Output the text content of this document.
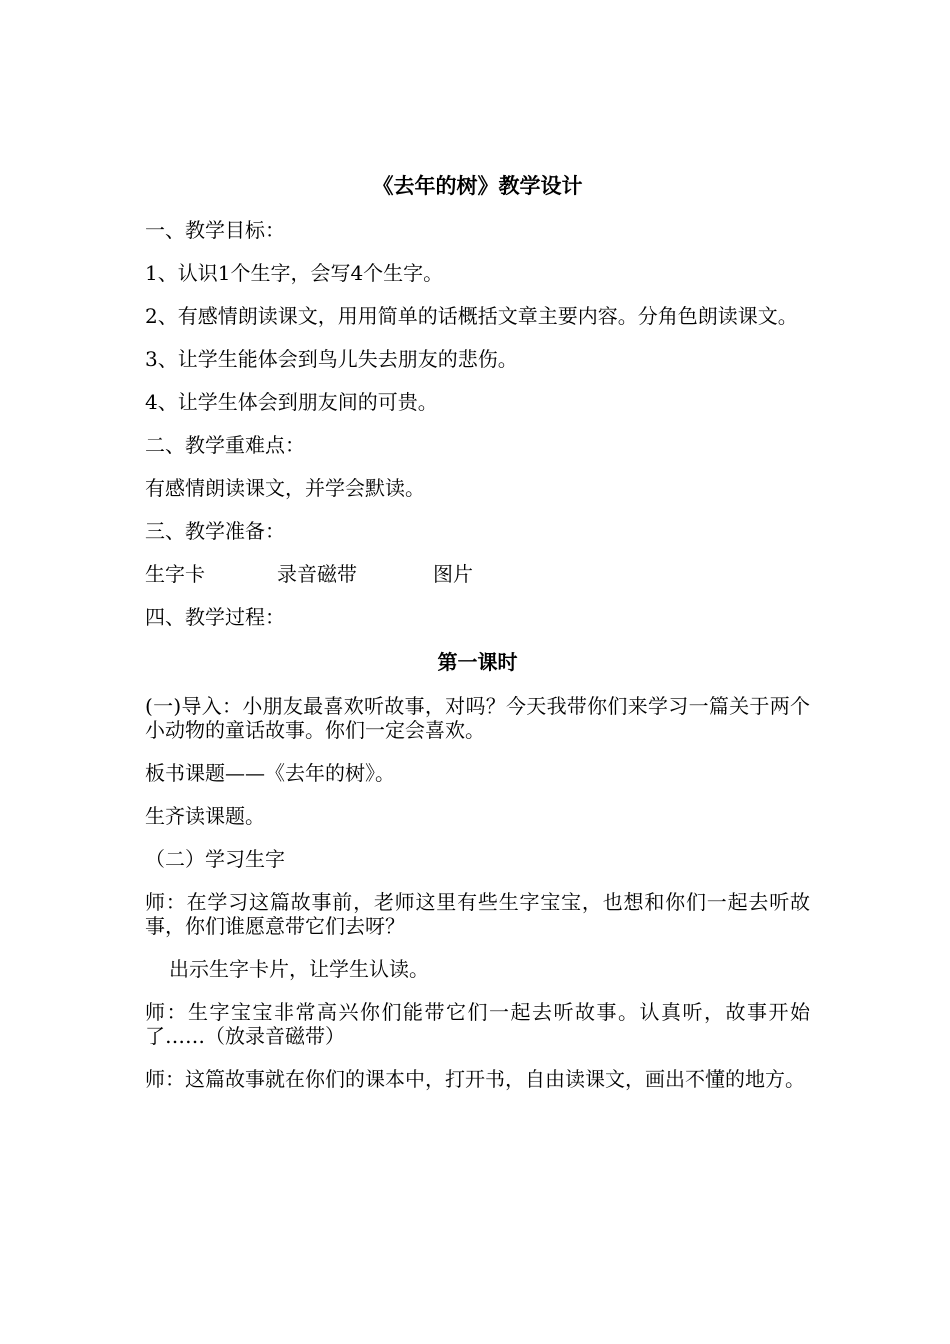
《去年的树》教学设计

一、教学目标：

1、认识1个生字，会写4个生字。

2、有感情朗读课文，用用简单的话概括文章主要内容。分角色朗读课文。

3、让学生能体会到鸟儿失去朋友的悲伤。

4、让学生体会到朋友间的可贵。

二、教学重难点：

有感情朗读课文，并学会默读。

三、教学准备：

生字卡	录音磁带	图片

四、教学过程：

第一课时

(一)导入：小朋友最喜欢听故事，对吗？今天我带你们来学习一篇关于两个小动物的童话故事。你们一定会喜欢。

板书课题——《去年的树》。

生齐读课题。

（二）学习生字

师：在学习这篇故事前，老师这里有些生字宝宝，也想和你们一起去听故事，你们谁愿意带它们去呀？

出示生字卡片，让学生认读。

师：生字宝宝非常高兴你们能带它们一起去听故事。认真听，故事开始了……（放录音磁带）

师：这篇故事就在你们的课本中，打开书，自由读课文，画出不懂的地方。
